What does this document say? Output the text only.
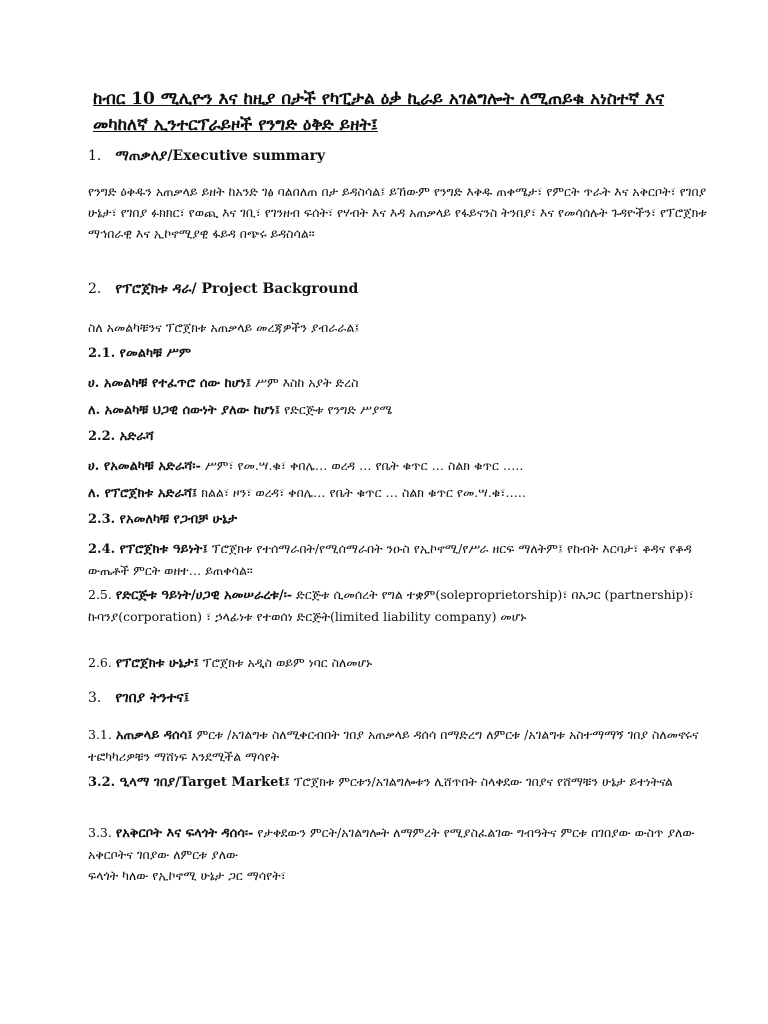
ከብር 10 ሚሊዮን እና ከዚያ በታች የካፒታል ዕቃ ኪራይ አገልግሎት ለሚጠይቁ አነስተኛ እና መካከለኛ ኢንተርፕራይዞች የንግድ ዕቅድ ይዘት፤
1. ማጠቃለያ/Executive summary
የንግድ ዕቅዱን አጠቃላይ ይዘት ከአንድ ገፅ ባልበለጠ በታ ይዳስሳል፤ ይኸውም የንግድ እቅዱ ጠቀሜታ፣ የምርት ጥራት እና አቅርቦት፣ የገበያ ሁኔታ፣ የገበያ ፉክክር፣ የወጪ እና ገቢ፣ የገንዘብ ፍሰት፣ የሃብት እና እዳ አጠቃላይ የፋይናንስ ትንበያ፣ እና የመሳሰሉት ጉዳዮችን፣ የፕሮጀክቱ ማኅበራዊ እና ኢኮኖሚያዊ ፋይዳ በጭሩ ይዳስሳል።
2. የፕሮጀክቱ ዳራ/ Project Background
ስለ አመልካቹንና ፕሮጀክቱ አጠቃላይ መረጃዎችን ያብራራል፤
2.1. የመልካቹ ሥም
ሀ. አመልካቹ የተፈጥሮ ሰው ከሆነ፤ ሥም እስከ አያት ድረስ
ለ. አመልካቹ ህጋዊ ሰውነት ያለው ከሆነ፤ የድርጅቱ የንግድ ሥያሜ
2.2. አድራሻ
ሀ. የአመልካቹ አድራሻ፡- ሥም፣ የመ.ሣ.ቁ፣ ቀበሌ… ወረዳ … የቤት ቁጥር … ስልክ ቁጥር …..
ለ. የፕሮጀክቱ አድራሻ፤ ክልል፣ ዞን፣ ወረዳ፣ ቀበሌ… የቤት ቁጥር … ስልክ ቁጥር የመ.ሣ.ቁ፣…..
2.3. የአመለካቹ የጋብቻ ሁኔታ
2.4. የፕሮጀክቱ ዓይነት፤ ፕሮጀክቱ የተሰማራበት/የሚሰማራበት ንዑስ የኢኮኖሚ/የሥራ ዘርፍ ማለትም፤ የከብት እርባታ፣ ቆዳና የቆዳ ውጤቶች ምርት ወዘተ… ይጠቀሳል።
2.5. የድርጅቱ ዓይነት/ሀጋዊ አመሠራረቱ/፡- ድርጅቱ ሲመሰረት የግል ተቋም(soleproprietorship)፣ በአጋር (partnership)፣ ኩባንያ(corporation) ፣ ኃላፊነቱ የተወሰነ ድርጅት(limited liability company) መሆኑ
2.6. የፕሮጀክቱ ሁኔታ፤ ፕሮጀክቱ አዲስ ወይም ነባር ስለመሆኑ
3. የገበያ ትንተና፤
3.1. አጠቃላይ ዳሰሳ፤ ምርቱ /አገልግቱ ስለሚቀርብበት ገበያ አጠቃላይ ዳሰሳ በማድረግ ለምርቱ /አገልግቱ አስተማማኝ ገበያ ስለመኖሩና ተፎካካሪዎቹን ማሸነፍ እንደሚችል ማሳየት
3.2. ዒላማ ገበያ/Target Market፤ ፕሮጀክቱ ምርቱን/አገልግሎቱን ሊሸጥበት ስላቀደው ገበያና የሸማቹን ሁኔታ ይተነትናል
3.3. የአቅርቦት እና ፍላጎት ዳሰሳ፡- የታቀደውን ምርት/አገልግሎት ለማምረት የሚያስፈልገው ግብዓትና ምርቱ በገበያው ውስጥ ያለው አቅርቦትና ገበያው ለምርቱ ያለው
ፍላጎት ካለው የኢኮኖሚ ሁኔታ ጋር ማሳየት፣
